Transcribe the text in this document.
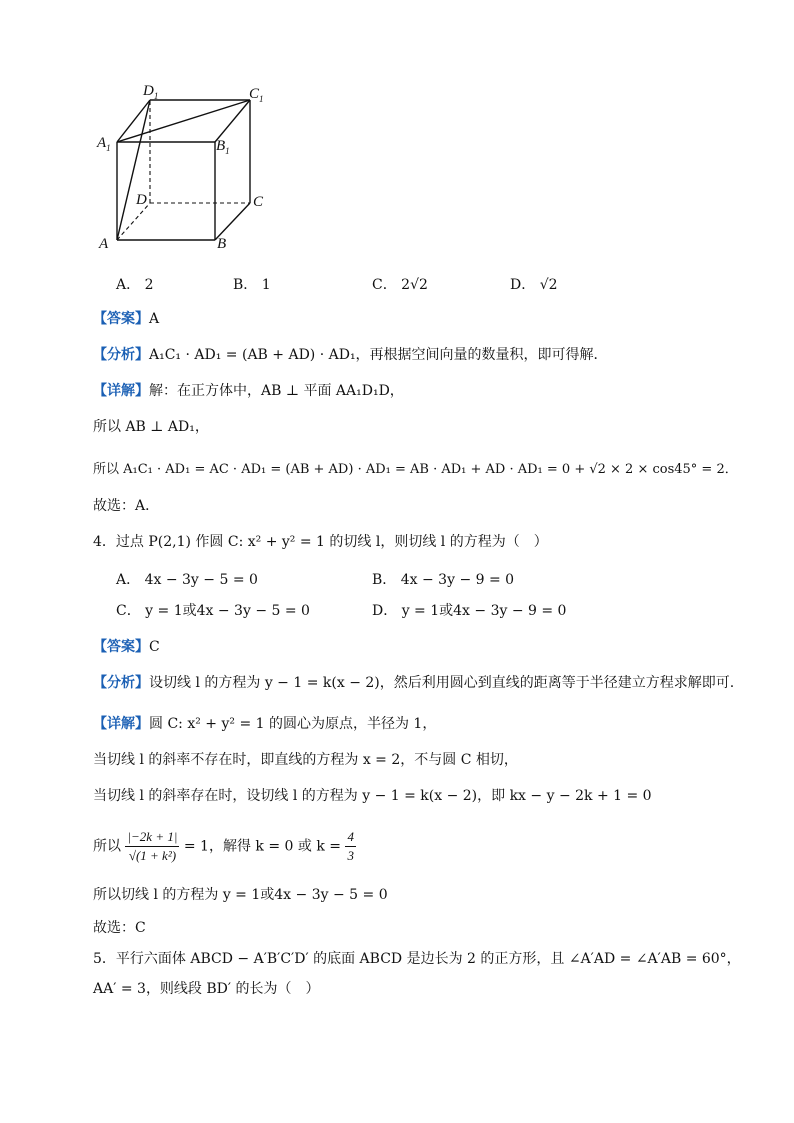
$D_1$	$C_1$
$A_1$	$B_1$
D	C
A	B
A． 2	B． 1	C． 2√2	D． √2
【答案】A
【分析】A₁C₁ · AD₁ = (AB + AD) · AD₁，再根据空间向量的数量积，即可得解．
【详解】解：在正方体中，AB ⊥ 平面 AA₁D₁D，
所以 AB ⊥ AD₁，
所以 A₁C₁ · AD₁ = AC · AD₁ = (AB + AD) · AD₁ = AB · AD₁ + AD · AD₁ = 0 + √2 × 2 × cos45° = 2．
故选：A．
4．过点 P(2,1) 作圆 C: x² + y² = 1 的切线 l，则切线 l 的方程为（　）
A． 4x − 3y − 5 = 0	B． 4x − 3y − 9 = 0
C． y = 1或4x − 3y − 5 = 0	D． y = 1或4x − 3y − 9 = 0
【答案】C
【分析】设切线 l 的方程为 y − 1 = k(x − 2)，然后利用圆心到直线的距离等于半径建立方程求解即可.
【详解】圆 C: x² + y² = 1 的圆心为原点，半径为 1，
当切线 l 的斜率不存在时，即直线的方程为 x = 2，不与圆 C 相切，
当切线 l 的斜率存在时，设切线 l 的方程为 y − 1 = k(x − 2)，即 kx − y − 2k + 1 = 0
所以 $\frac{|-2k + 1|}{\text{√(1 + k²)}} = 1$，解得 k = 0 或 $k = \frac{4}{3}$
所以切线 l 的方程为 y = 1或4x − 3y − 5 = 0
故选：C
5．平行六面体 ABCD − A′B′C′D′ 的底面 ABCD 是边长为 2 的正方形，且 ∠A′AD = ∠A′AB = 60°，
AA′ = 3，则线段 BD′ 的长为（　）
